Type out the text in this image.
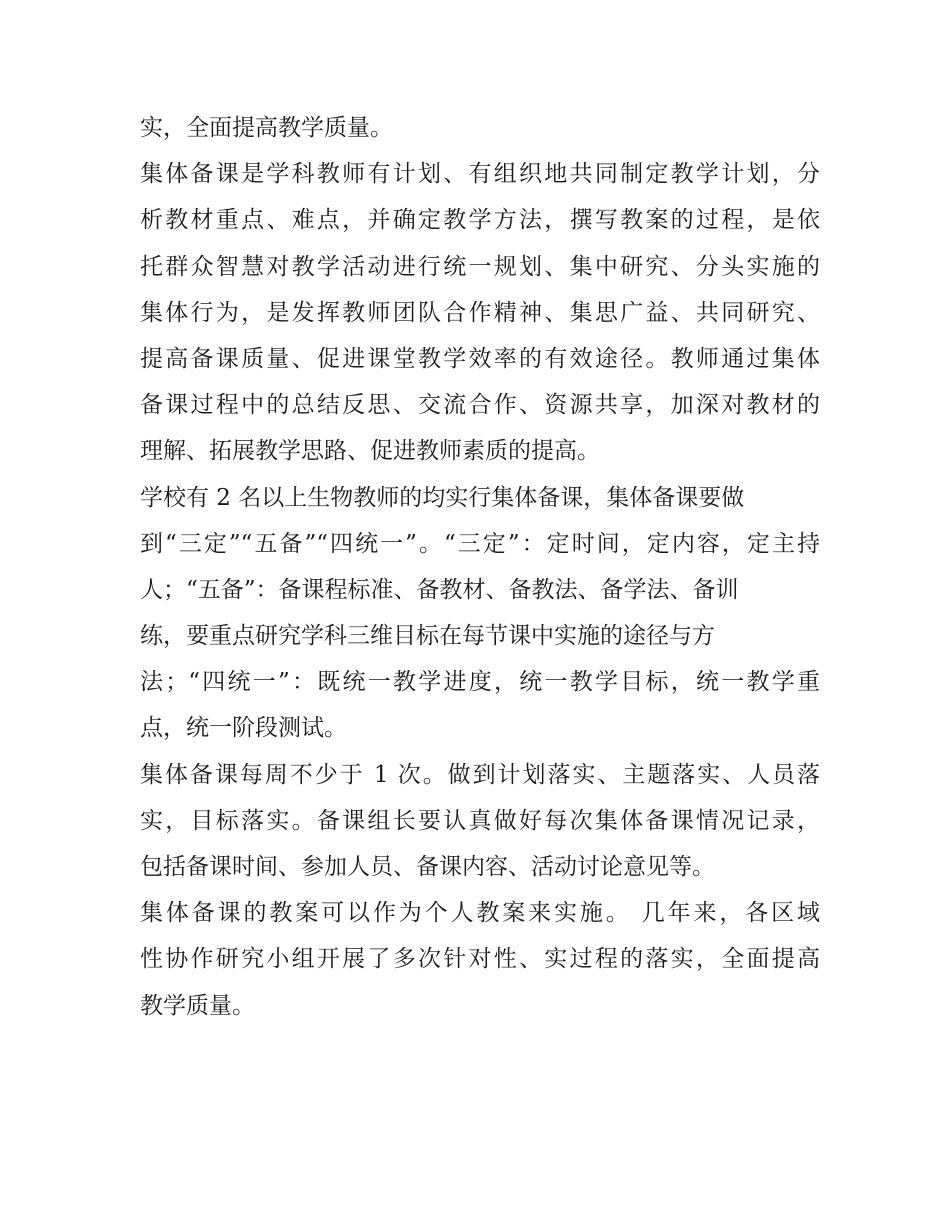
实，全面提高教学质量。
集体备课是学科教师有计划、有组织地共同制定教学计划，分
析教材重点、难点，并确定教学方法，撰写教案的过程，是依
托群众智慧对教学活动进行统一规划、集中研究、分头实施的
集体行为，是发挥教师团队合作精神、集思广益、共同研究、
提高备课质量、促进课堂教学效率的有效途径。教师通过集体
备课过程中的总结反思、交流合作、资源共享，加深对教材的
理解、拓展教学思路、促进教师素质的提高。
学校有 2 名以上生物教师的均实行集体备课，集体备课要做
到“三定”“五备”“四统一”。“三定”：定时间，定内容，定主持
人；“五备”：备课程标准、备教材、备教法、备学法、备训
练，要重点研究学科三维目标在每节课中实施的途径与方
法；“四统一”：既统一教学进度，统一教学目标，统一教学重
点，统一阶段测试。
集体备课每周不少于 1 次。做到计划落实、主题落实、人员落
实，目标落实。备课组长要认真做好每次集体备课情况记录，
包括备课时间、参加人员、备课内容、活动讨论意见等。
集体备课的教案可以作为个人教案来实施。 几年来，各区域
性协作研究小组开展了多次针对性、实过程的落实，全面提高
教学质量。
